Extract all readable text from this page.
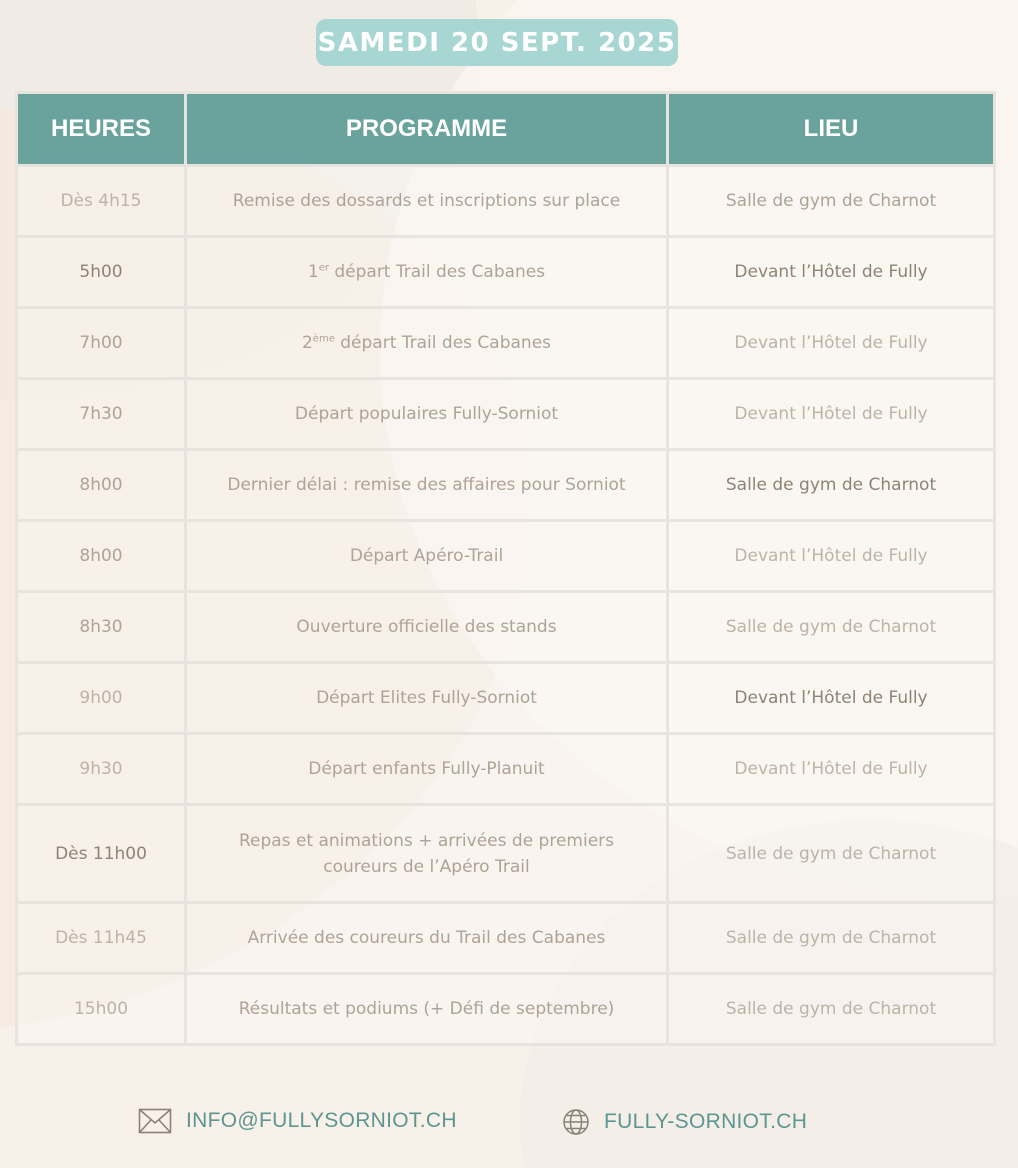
SAMEDI 20 SEPT. 2025
HEURES	PROGRAMME	LIEU
Dès 4h15	Remise des dossards et inscriptions sur place	Salle de gym de Charnot
5h00	1er départ Trail des Cabanes	Devant l’Hôtel de Fully
7h00	2ème départ Trail des Cabanes	Devant l’Hôtel de Fully
7h30	Départ populaires Fully-Sorniot	Devant l’Hôtel de Fully
8h00	Dernier délai : remise des affaires pour Sorniot	Salle de gym de Charnot
8h00	Départ Apéro-Trail	Devant l’Hôtel de Fully
8h30	Ouverture officielle des stands	Salle de gym de Charnot
9h00	Départ Elites Fully-Sorniot	Devant l’Hôtel de Fully
9h30	Départ enfants Fully-Planuit	Devant l’Hôtel de Fully
Dès 11h00	Repas et animations + arrivées de premiers coureurs de l’Apéro Trail	Salle de gym de Charnot
Dès 11h45	Arrivée des coureurs du Trail des Cabanes	Salle de gym de Charnot
15h00	Résultats et podiums (+ Défi de septembre)	Salle de gym de Charnot
INFO@FULLYSORNIOT.CH	FULLY-SORNIOT.CH
